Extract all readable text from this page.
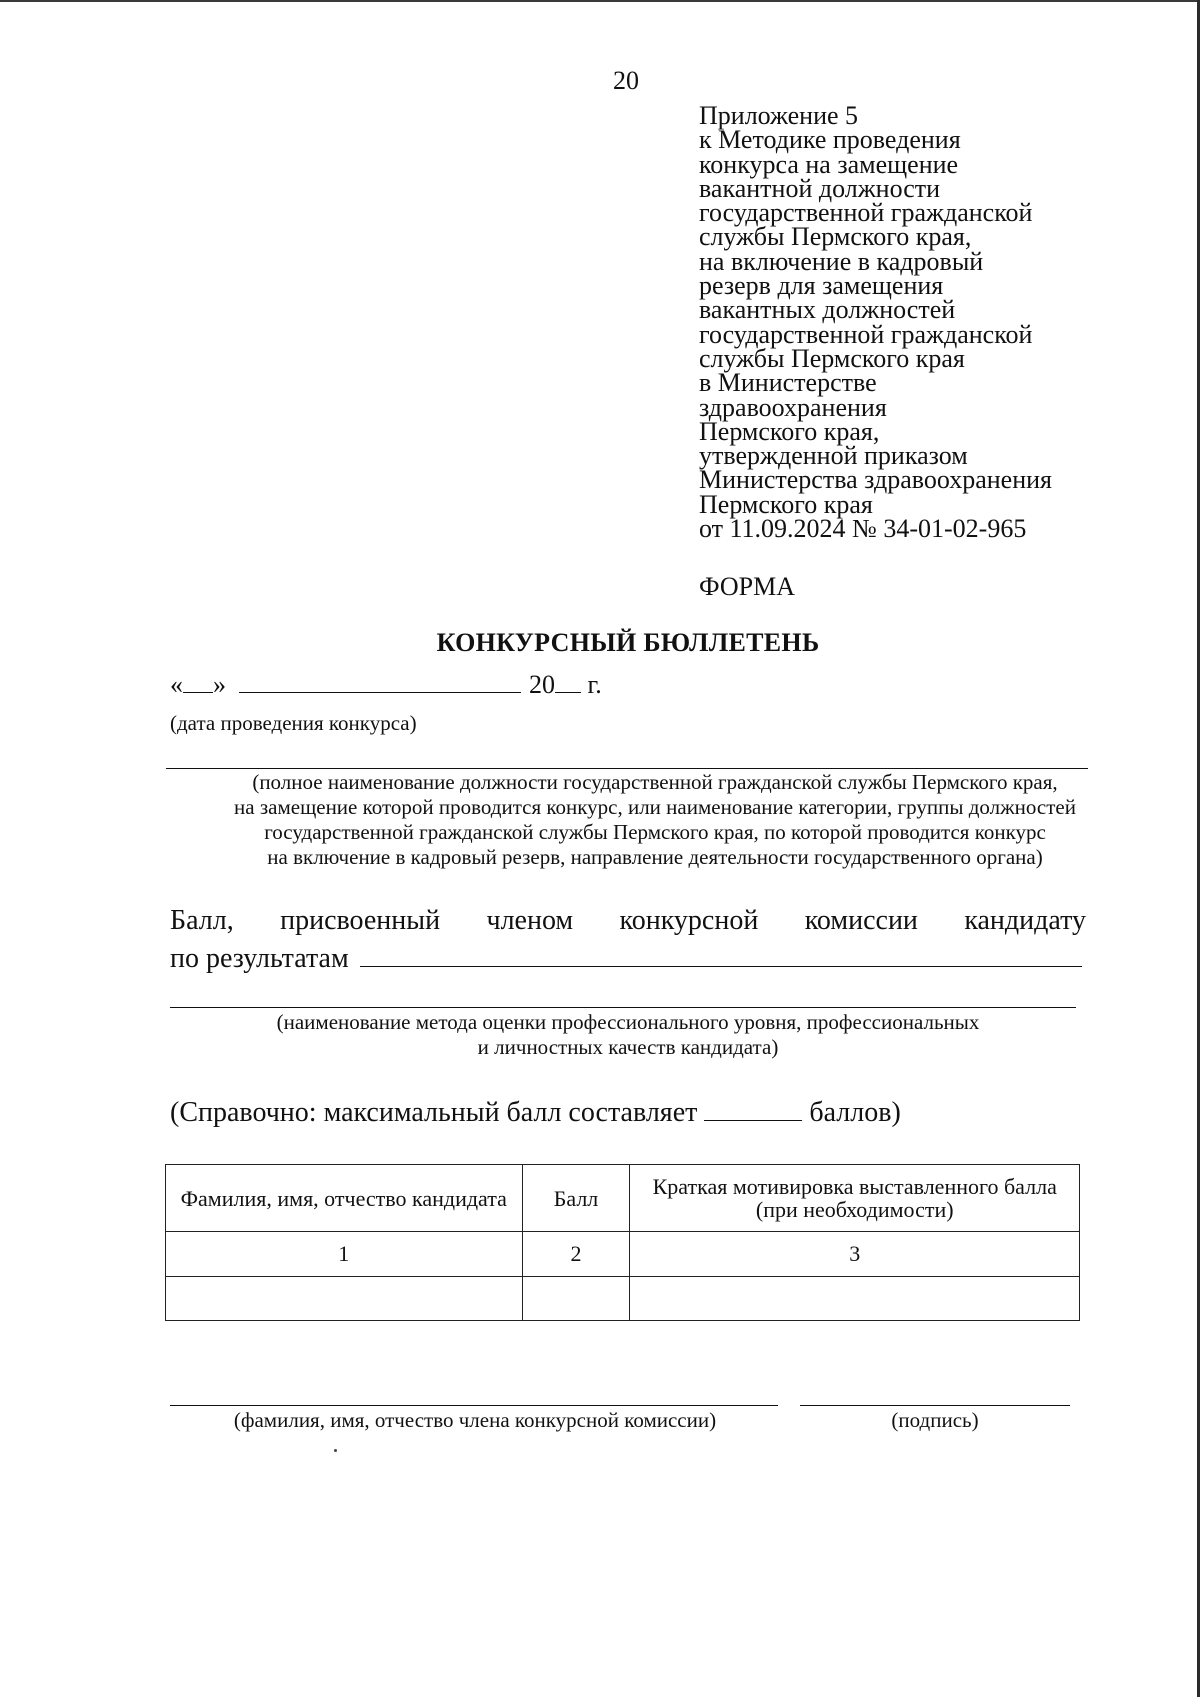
20
Приложение 5
к Методике проведения
конкурса на замещение
вакантной должности
государственной гражданской
службы Пермского края,
на включение в кадровый
резерв для замещения
вакантных должностей
государственной гражданской
службы Пермского края
в Министерстве
здравоохранения
Пермского края,
утвержденной приказом
Министерства здравоохранения
Пермского края
от 11.09.2024 № 34-01-02-965
ФОРМА
КОНКУРСНЫЙ БЮЛЛЕТЕНЬ
« »	20 г.
(дата проведения конкурса)
(полное наименование должности государственной гражданской службы Пермского края,
на замещение которой проводится конкурс, или наименование категории, группы должностей
государственной гражданской службы Пермского края, по которой проводится конкурс
на включение в кадровый резерв, направление деятельности государственного органа)
Балл, присвоенный членом конкурсной комиссии кандидату
по результатам
(наименование метода оценки профессионального уровня, профессиональных
и личностных качеств кандидата)
(Справочно: максимальный балл составляет	баллов)
Фамилия, имя, отчество кандидата	Балл	Краткая мотивировка выставленного балла (при необходимости)
1	2	3

(фамилия, имя, отчество члена конкурсной комиссии)	(подпись)
